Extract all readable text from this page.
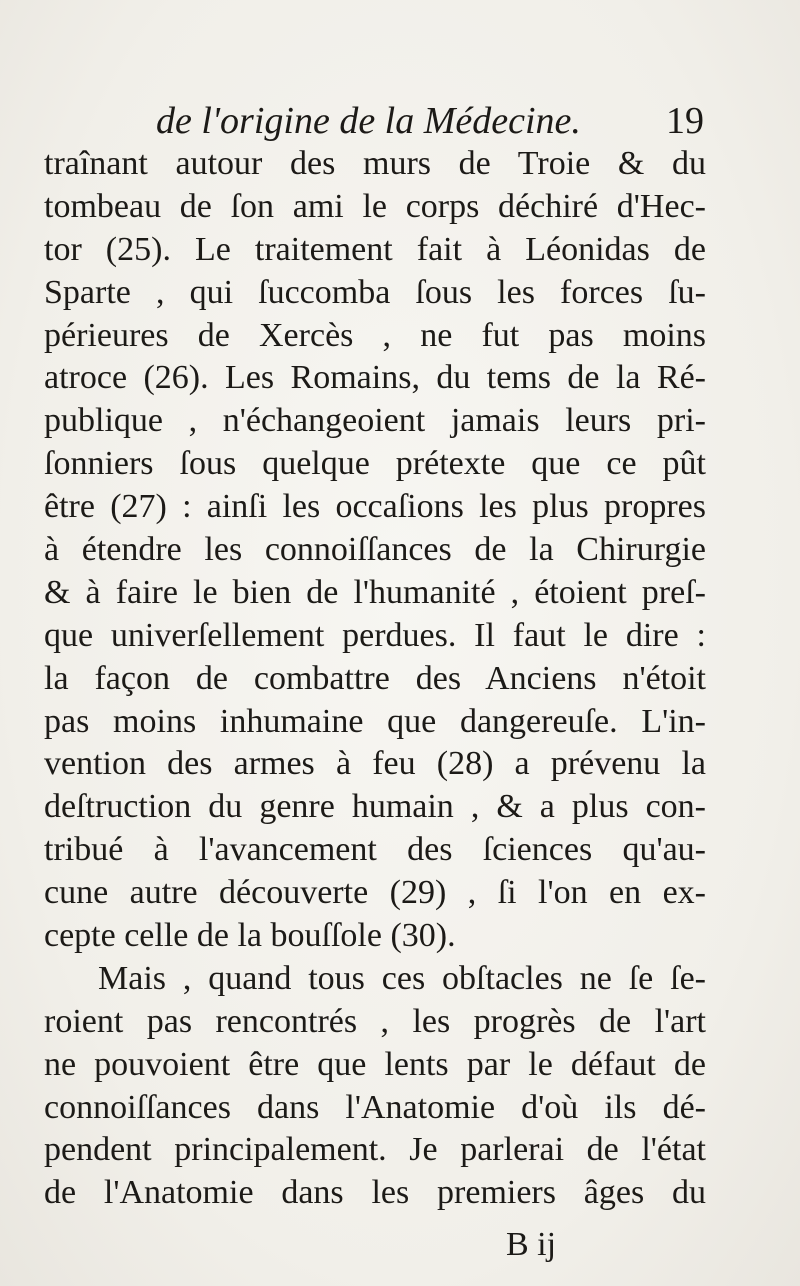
de l'origine de la Médecine. 19
traînant autour des murs de Troie & du
tombeau de ſon ami le corps déchiré d'Hec-
tor (25). Le traitement fait à Léonidas de
Sparte , qui ſuccomba ſous les forces ſu-
périeures de Xercès , ne fut pas moins
atroce (26). Les Romains, du tems de la Ré-
publique , n'échangeoient jamais leurs pri-
ſonniers ſous quelque prétexte que ce pût
être (27) : ainſi les occaſions les plus propres
à étendre les connoiſſances de la Chirurgie
& à faire le bien de l'humanité , étoient preſ-
que univerſellement perdues. Il faut le dire :
la façon de combattre des Anciens n'étoit
pas moins inhumaine que dangereuſe. L'in-
vention des armes à feu (28) a prévenu la
deſtruction du genre humain , & a plus con-
tribué à l'avancement des ſciences qu'au-
cune autre découverte (29) , ſi l'on en ex-
cepte celle de la bouſſole (30).
Mais , quand tous ces obſtacles ne ſe ſe-
roient pas rencontrés , les progrès de l'art
ne pouvoient être que lents par le défaut de
connoiſſances dans l'Anatomie d'où ils dé-
pendent principalement. Je parlerai de l'état
de l'Anatomie dans les premiers âges du
B ij
